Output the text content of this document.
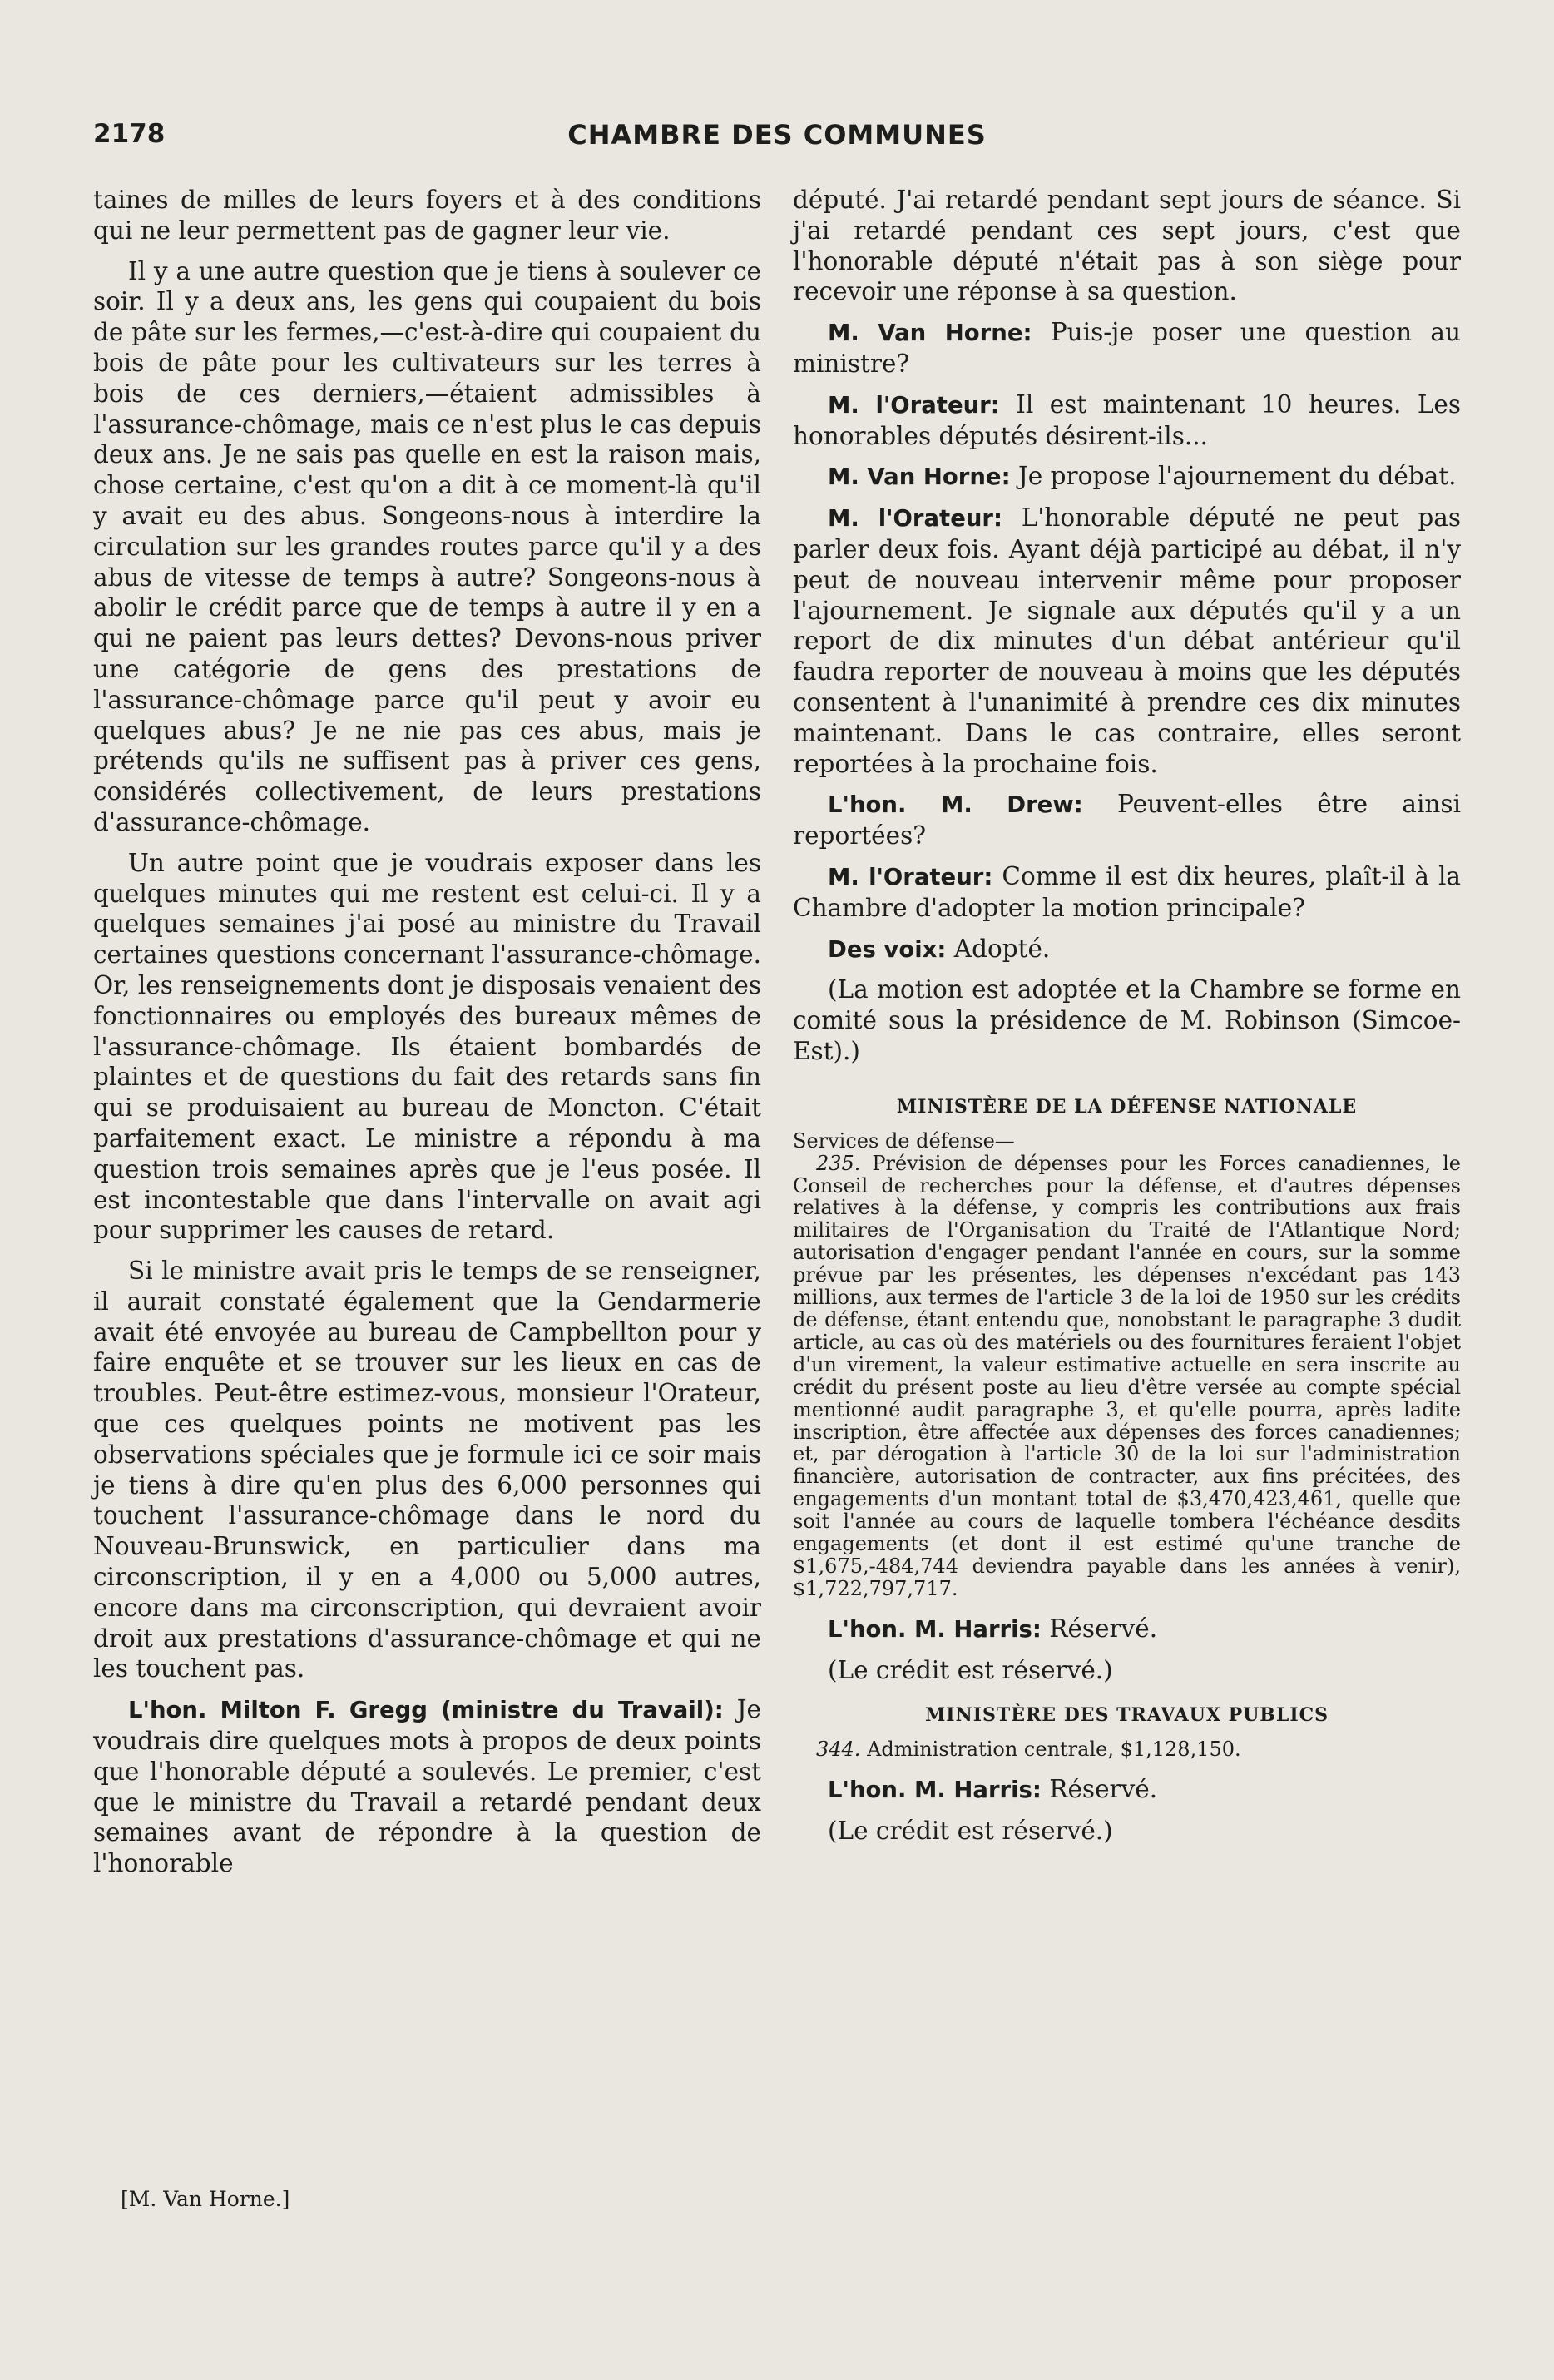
2178	CHAMBRE DES COMMUNES

taines de milles de leurs foyers et à des conditions qui ne leur permettent pas de gagner leur vie.

Il y a une autre question que je tiens à soulever ce soir. Il y a deux ans, les gens qui coupaient du bois de pâte sur les fermes,—c'est-à-dire qui coupaient du bois de pâte pour les cultivateurs sur les terres à bois de ces derniers,—étaient admissibles à l'assurance-chômage, mais ce n'est plus le cas depuis deux ans. Je ne sais pas quelle en est la raison mais, chose certaine, c'est qu'on a dit à ce moment-là qu'il y avait eu des abus. Songeons-nous à interdire la circulation sur les grandes routes parce qu'il y a des abus de vitesse de temps à autre? Songeons-nous à abolir le crédit parce que de temps à autre il y en a qui ne paient pas leurs dettes? Devons-nous priver une catégorie de gens des prestations de l'assurance-chômage parce qu'il peut y avoir eu quelques abus? Je ne nie pas ces abus, mais je prétends qu'ils ne suffisent pas à priver ces gens, considérés collectivement, de leurs prestations d'assurance-chômage.

Un autre point que je voudrais exposer dans les quelques minutes qui me restent est celui-ci. Il y a quelques semaines j'ai posé au ministre du Travail certaines questions concernant l'assurance-chômage. Or, les renseignements dont je disposais venaient des fonctionnaires ou employés des bureaux mêmes de l'assurance-chômage. Ils étaient bombardés de plaintes et de questions du fait des retards sans fin qui se produisaient au bureau de Moncton. C'était parfaitement exact. Le ministre a répondu à ma question trois semaines après que je l'eus posée. Il est incontestable que dans l'intervalle on avait agi pour supprimer les causes de retard.

Si le ministre avait pris le temps de se renseigner, il aurait constaté également que la Gendarmerie avait été envoyée au bureau de Campbellton pour y faire enquête et se trouver sur les lieux en cas de troubles. Peut-être estimez-vous, monsieur l'Orateur, que ces quelques points ne motivent pas les observations spéciales que je formule ici ce soir mais je tiens à dire qu'en plus des 6,000 personnes qui touchent l'assurance-chômage dans le nord du Nouveau-Brunswick, en particulier dans ma circonscription, il y en a 4,000 ou 5,000 autres, encore dans ma circonscription, qui devraient avoir droit aux prestations d'assurance-chômage et qui ne les touchent pas.

L'hon. Milton F. Gregg (ministre du Travail): Je voudrais dire quelques mots à propos de deux points que l'honorable député a soulevés. Le premier, c'est que le ministre du Travail a retardé pendant deux semaines avant de répondre à la question de l'honorable

[M. Van Horne.]

député. J'ai retardé pendant sept jours de séance. Si j'ai retardé pendant ces sept jours, c'est que l'honorable député n'était pas à son siège pour recevoir une réponse à sa question.

M. Van Horne: Puis-je poser une question au ministre?

M. l'Orateur: Il est maintenant 10 heures. Les honorables députés désirent-ils...

M. Van Horne: Je propose l'ajournement du débat.

M. l'Orateur: L'honorable député ne peut pas parler deux fois. Ayant déjà participé au débat, il n'y peut de nouveau intervenir même pour proposer l'ajournement. Je signale aux députés qu'il y a un report de dix minutes d'un débat antérieur qu'il faudra reporter de nouveau à moins que les députés consentent à l'unanimité à prendre ces dix minutes maintenant. Dans le cas contraire, elles seront reportées à la prochaine fois.

L'hon. M. Drew: Peuvent-elles être ainsi reportées?

M. l'Orateur: Comme il est dix heures, plaît-il à la Chambre d'adopter la motion principale?

Des voix: Adopté.

(La motion est adoptée et la Chambre se forme en comité sous la présidence de M. Robinson (Simcoe-Est).)

MINISTÈRE DE LA DÉFENSE NATIONALE

Services de défense—

235. Prévision de dépenses pour les Forces canadiennes, le Conseil de recherches pour la défense, et d'autres dépenses relatives à la défense, y compris les contributions aux frais militaires de l'Organisation du Traité de l'Atlantique Nord; autorisation d'engager pendant l'année en cours, sur la somme prévue par les présentes, les dépenses n'excédant pas 143 millions, aux termes de l'article 3 de la loi de 1950 sur les crédits de défense, étant entendu que, nonobstant le paragraphe 3 dudit article, au cas où des matériels ou des fournitures feraient l'objet d'un virement, la valeur estimative actuelle en sera inscrite au crédit du présent poste au lieu d'être versée au compte spécial mentionné audit paragraphe 3, et qu'elle pourra, après ladite inscription, être affectée aux dépenses des forces canadiennes; et, par dérogation à l'article 30 de la loi sur l'administration financière, autorisation de contracter, aux fins précitées, des engagements d'un montant total de $3,470,423,461, quelle que soit l'année au cours de laquelle tombera l'échéance desdits engagements (et dont il est estimé qu'une tranche de $1,675,-484,744 deviendra payable dans les années à venir), $1,722,797,717.

L'hon. M. Harris: Réservé.

(Le crédit est réservé.)

MINISTÈRE DES TRAVAUX PUBLICS

344. Administration centrale, $1,128,150.

L'hon. M. Harris: Réservé.

(Le crédit est réservé.)
